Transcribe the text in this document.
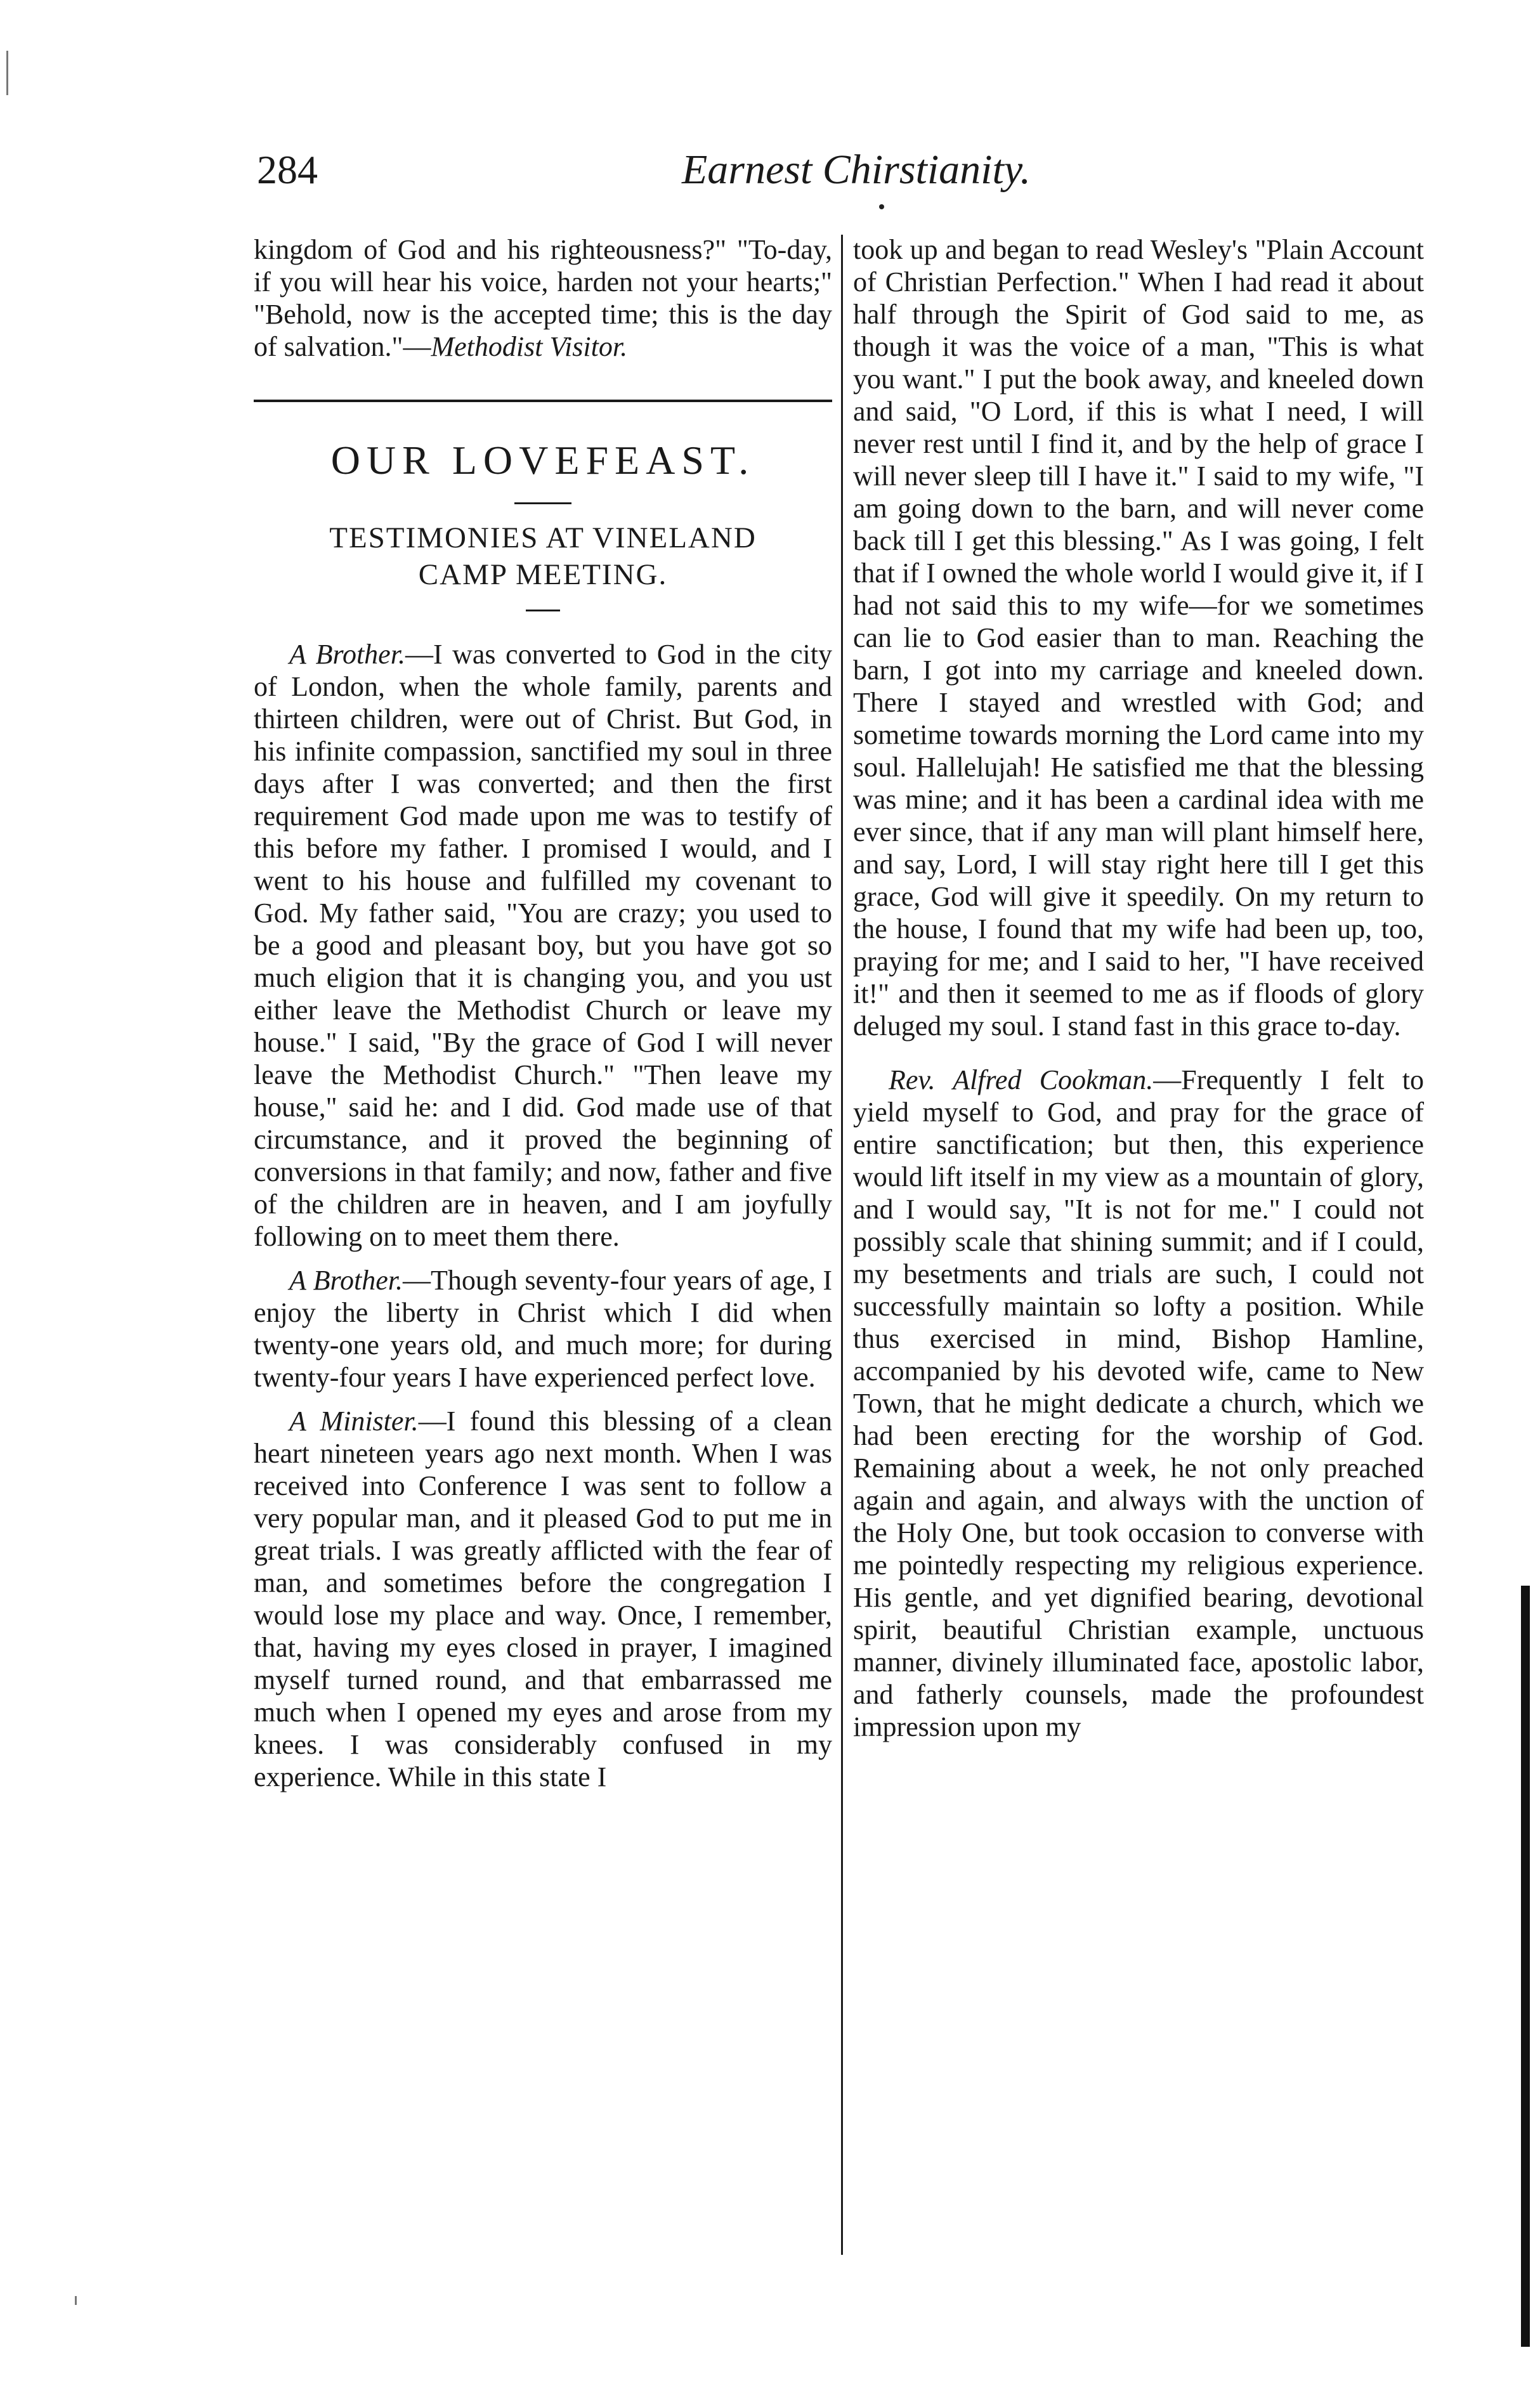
284	Earnest Chirstianity.

kingdom of God and his righteousness?" "To-day, if you will hear his voice, harden not your hearts;" "Behold, now is the accepted time; this is the day of salvation."—Methodist Visitor.

OUR LOVEFEAST.
TESTIMONIES AT VINELAND CAMP MEETING.

A Brother.—I was converted to God in the city of London, when the whole family, parents and thirteen children, were out of Christ. But God, in his infinite compassion, sanctified my soul in three days after I was converted; and then the first requirement God made upon me was to testify of this before my father. I promised I would, and I went to his house and fulfilled my covenant to God. My father said, "You are crazy; you used to be a good and pleasant boy, but you have got so much eligion that it is changing you, and you ust either leave the Methodist Church or leave my house." I said, "By the grace of God I will never leave the Methodist Church." "Then leave my house," said he: and I did. God made use of that circumstance, and it proved the beginning of conversions in that family; and now, father and five of the children are in heaven, and I am joyfully following on to meet them there.

A Brother.—Though seventy-four years of age, I enjoy the liberty in Christ which I did when twenty-one years old, and much more; for during twenty-four years I have experienced perfect love.

A Minister.—I found this blessing of a clean heart nineteen years ago next month. When I was received into Conference I was sent to follow a very popular man, and it pleased God to put me in great trials. I was greatly afflicted with the fear of man, and sometimes before the congregation I would lose my place and way. Once, I remember, that, having my eyes closed in prayer, I imagined myself turned round, and that embarrassed me much when I opened my eyes and arose from my knees. I was considerably confused in my experience. While in this state I

took up and began to read Wesley's "Plain Account of Christian Perfection." When I had read it about half through the Spirit of God said to me, as though it was the voice of a man, "This is what you want." I put the book away, and kneeled down and said, "O Lord, if this is what I need, I will never rest until I find it, and by the help of grace I will never sleep till I have it." I said to my wife, "I am going down to the barn, and will never come back till I get this blessing." As I was going, I felt that if I owned the whole world I would give it, if I had not said this to my wife—for we sometimes can lie to God easier than to man. Reaching the barn, I got into my carriage and kneeled down. There I stayed and wrestled with God; and sometime towards morning the Lord came into my soul. Hallelujah! He satisfied me that the blessing was mine; and it has been a cardinal idea with me ever since, that if any man will plant himself here, and say, Lord, I will stay right here till I get this grace, God will give it speedily. On my return to the house, I found that my wife had been up, too, praying for me; and I said to her, "I have received it!" and then it seemed to me as if floods of glory deluged my soul. I stand fast in this grace to-day.

Rev. Alfred Cookman.—Frequently I felt to yield myself to God, and pray for the grace of entire sanctification; but then, this experience would lift itself in my view as a mountain of glory, and I would say, "It is not for me." I could not possibly scale that shining summit; and if I could, my besetments and trials are such, I could not successfully maintain so lofty a position. While thus exercised in mind, Bishop Hamline, accompanied by his devoted wife, came to New Town, that he might dedicate a church, which we had been erecting for the worship of God. Remaining about a week, he not only preached again and again, and always with the unction of the Holy One, but took occasion to converse with me pointedly respecting my religious experience. His gentle, and yet dignified bearing, devotional spirit, beautiful Christian example, unctuous manner, divinely illuminated face, apostolic labor, and fatherly counsels, made the profoundest impression upon my
